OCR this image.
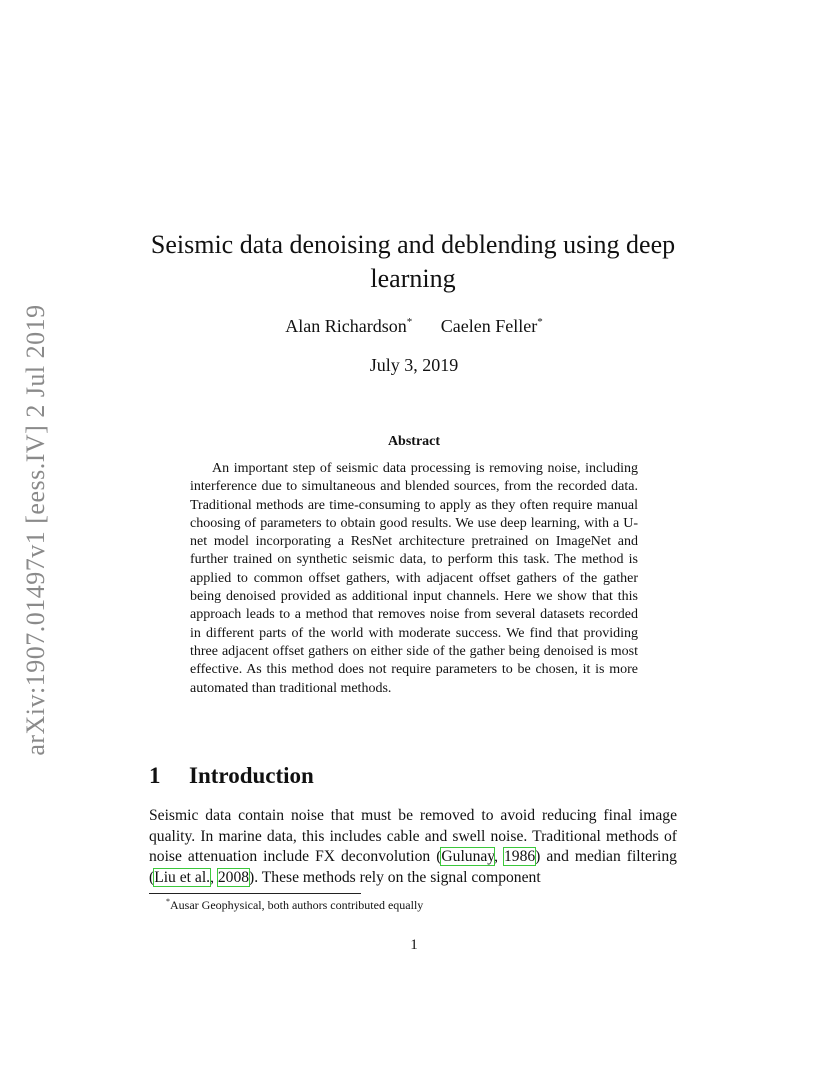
arXiv:1907.01497v1 [eess.IV] 2 Jul 2019
Seismic data denoising and deblending using deep learning
Alan Richardson* Caelen Feller*
July 3, 2019
Abstract
An important step of seismic data processing is removing noise, including interference due to simultaneous and blended sources, from the recorded data. Traditional methods are time-consuming to apply as they often require manual choosing of parameters to obtain good results. We use deep learning, with a U-net model incorporating a ResNet architecture pretrained on ImageNet and further trained on synthetic seismic data, to perform this task. The method is applied to common offset gathers, with adjacent offset gathers of the gather being denoised provided as additional input channels. Here we show that this approach leads to a method that removes noise from several datasets recorded in different parts of the world with moderate success. We find that providing three adjacent offset gathers on either side of the gather being denoised is most effective. As this method does not require parameters to be chosen, it is more automated than traditional methods.
1 Introduction
Seismic data contain noise that must be removed to avoid reducing final image quality. In marine data, this includes cable and swell noise. Traditional methods of noise attenuation include FX deconvolution (Gulunay, 1986) and median filtering (Liu et al., 2008). These methods rely on the signal component
*Ausar Geophysical, both authors contributed equally
1
